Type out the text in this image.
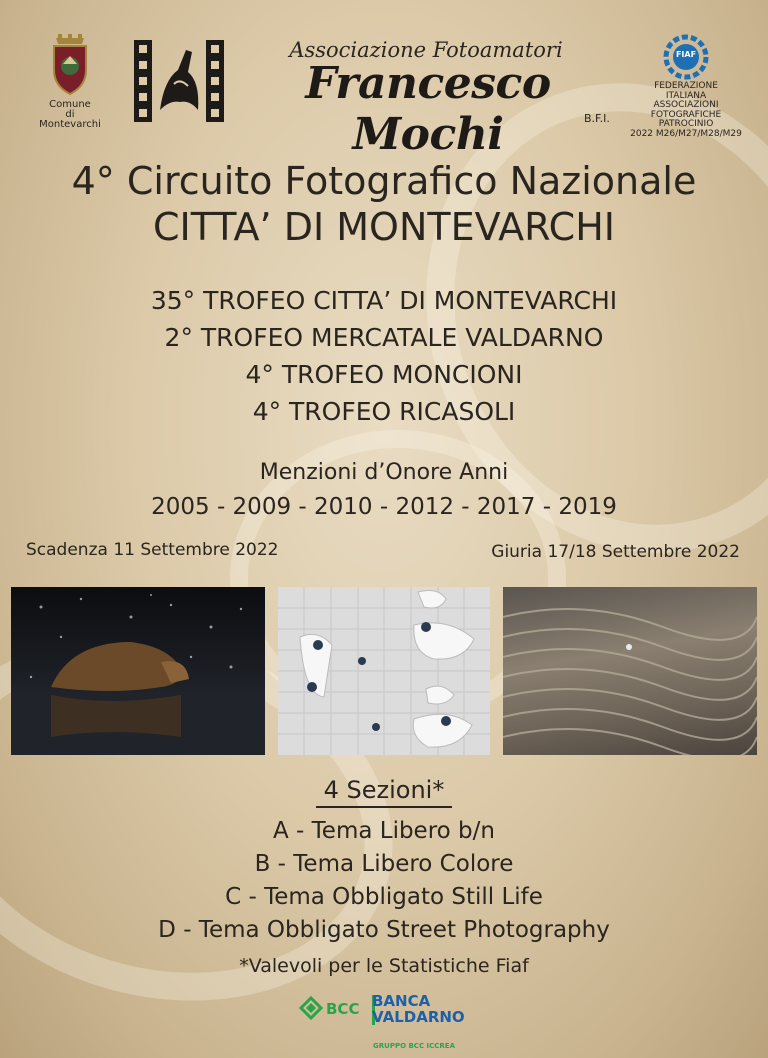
Comune
di
Montevarchi
Associazione Fotoamatori
Francesco Mochi	B.F.I.
FIAF
FEDERAZIONE
ITALIANA
ASSOCIAZIONI
FOTOGRAFICHE
PATROCINIO
2022 M26/M27/M28/M29
4° Circuito Fotografico Nazionale
CITTA’ DI MONTEVARCHI
35° TROFEO CITTA’ DI MONTEVARCHI
2° TROFEO MERCATALE VALDARNO
4° TROFEO MONCIONI
4° TROFEO RICASOLI
Menzioni d’Onore Anni
2005 - 2009 - 2010 - 2012 - 2017 - 2019
Scadenza 11 Settembre 2022	Giuria 17/18 Settembre 2022
4 Sezioni*
A - Tema Libero b/n
B - Tema Libero Colore
C - Tema Obbligato Still Life
D - Tema Obbligato Street Photography
*Valevoli per le Statistiche Fiaf
BCC BANCA
VALDARNO
GRUPPO BCC ICCREA
